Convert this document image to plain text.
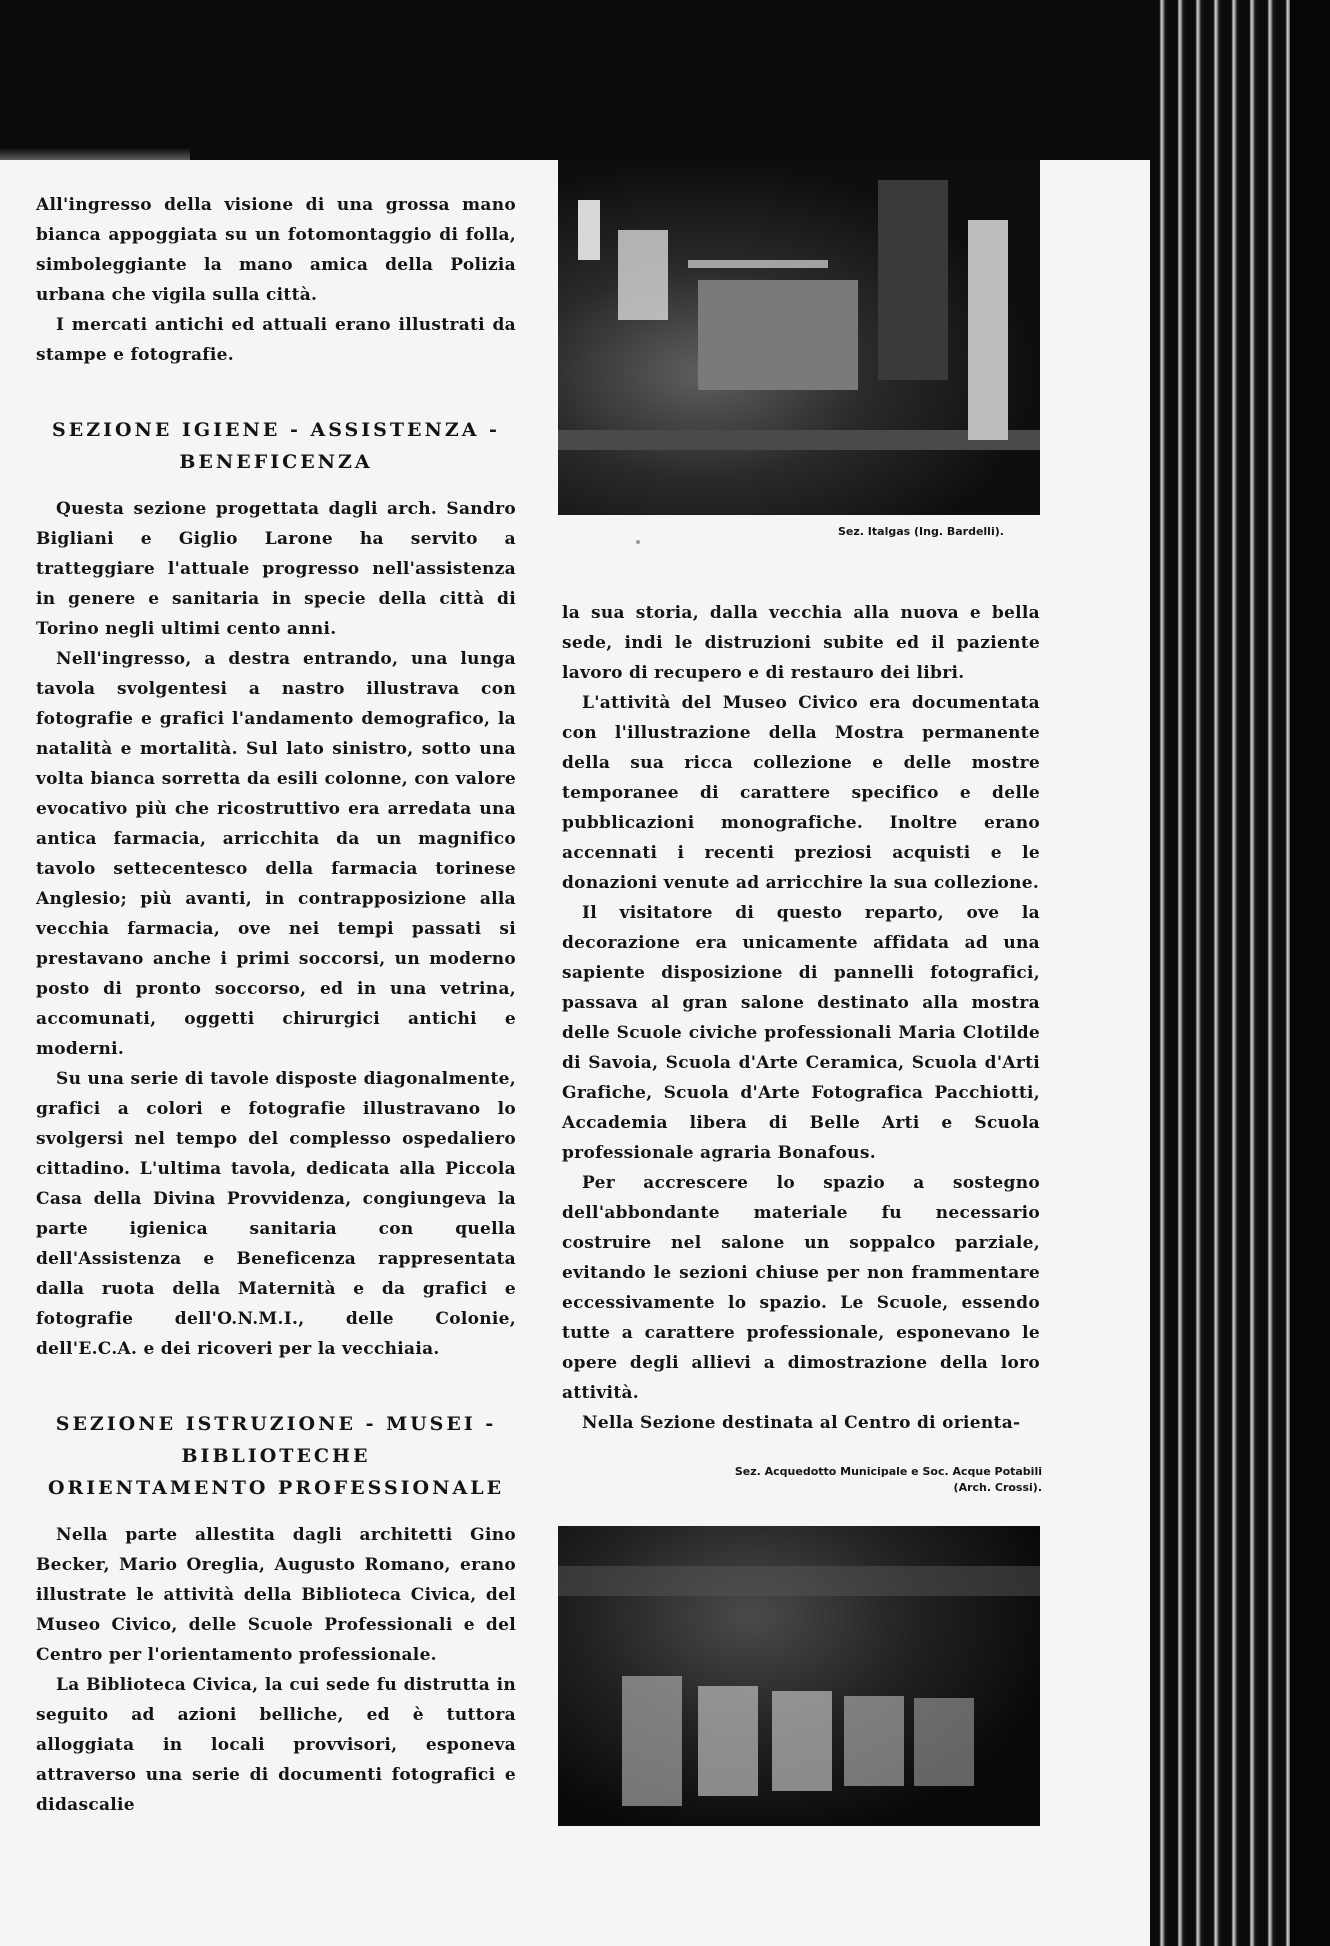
Sez. Italgas (Ing. Bardelli).

All'ingresso della visione di una grossa mano bianca appoggiata su un fotomontaggio di folla, simboleggiante la mano amica della Polizia urbana che vigila sulla città.

I mercati antichi ed attuali erano illustrati da stampe e fotografie.

SEZIONE IGIENE - ASSISTENZA -
BENEFICENZA

Questa sezione progettata dagli arch. Sandro Bigliani e Giglio Larone ha servito a tratteggiare l'attuale progresso nell'assistenza in genere e sanitaria in specie della città di Torino negli ultimi cento anni.

Nell'ingresso, a destra entrando, una lunga tavola svolgentesi a nastro illustrava con fotografie e grafici l'andamento demografico, la natalità e mortalità. Sul lato sinistro, sotto una volta bianca sorretta da esili colonne, con valore evocativo più che ricostruttivo era arredata una antica farmacia, arricchita da un magnifico tavolo settecentesco della farmacia torinese Anglesio; più avanti, in contrapposizione alla vecchia farmacia, ove nei tempi passati si prestavano anche i primi soccorsi, un moderno posto di pronto soccorso, ed in una vetrina, accomunati, oggetti chirurgici antichi e moderni.

Su una serie di tavole disposte diagonalmente, grafici a colori e fotografie illustravano lo svolgersi nel tempo del complesso ospedaliero cittadino. L'ultima tavola, dedicata alla Piccola Casa della Divina Provvidenza, congiungeva la parte igienica sanitaria con quella dell'Assistenza e Beneficenza rappresentata dalla ruota della Maternità e da grafici e fotografie dell'O.N.M.I., delle Colonie, dell'E.C.A. e dei ricoveri per la vecchiaia.

SEZIONE ISTRUZIONE - MUSEI -
BIBLIOTECHE
ORIENTAMENTO PROFESSIONALE

Nella parte allestita dagli architetti Gino Becker, Mario Oreglia, Augusto Romano, erano illustrate le attività della Biblioteca Civica, del Museo Civico, delle Scuole Professionali e del Centro per l'orientamento professionale.

La Biblioteca Civica, la cui sede fu distrutta in seguito ad azioni belliche, ed è tuttora alloggiata in locali provvisori, esponeva attraverso una serie di documenti fotografici e didascalie

la sua storia, dalla vecchia alla nuova e bella sede, indi le distruzioni subite ed il paziente lavoro di recupero e di restauro dei libri.

L'attività del Museo Civico era documentata con l'illustrazione della Mostra permanente della sua ricca collezione e delle mostre temporanee di carattere specifico e delle pubblicazioni monografiche. Inoltre erano accennati i recenti preziosi acquisti e le donazioni venute ad arricchire la sua collezione.

Il visitatore di questo reparto, ove la decorazione era unicamente affidata ad una sapiente disposizione di pannelli fotografici, passava al gran salone destinato alla mostra delle Scuole civiche professionali Maria Clotilde di Savoia, Scuola d'Arte Ceramica, Scuola d'Arti Grafiche, Scuola d'Arte Fotografica Pacchiotti, Accademia libera di Belle Arti e Scuola professionale agraria Bonafous.

Per accrescere lo spazio a sostegno dell'abbondante materiale fu necessario costruire nel salone un soppalco parziale, evitando le sezioni chiuse per non frammentare eccessivamente lo spazio. Le Scuole, essendo tutte a carattere professionale, esponevano le opere degli allievi a dimostrazione della loro attività.

Nella Sezione destinata al Centro di orienta-

Sez. Acquedotto Municipale e Soc. Acque Potabili
(Arch. Crossi).
